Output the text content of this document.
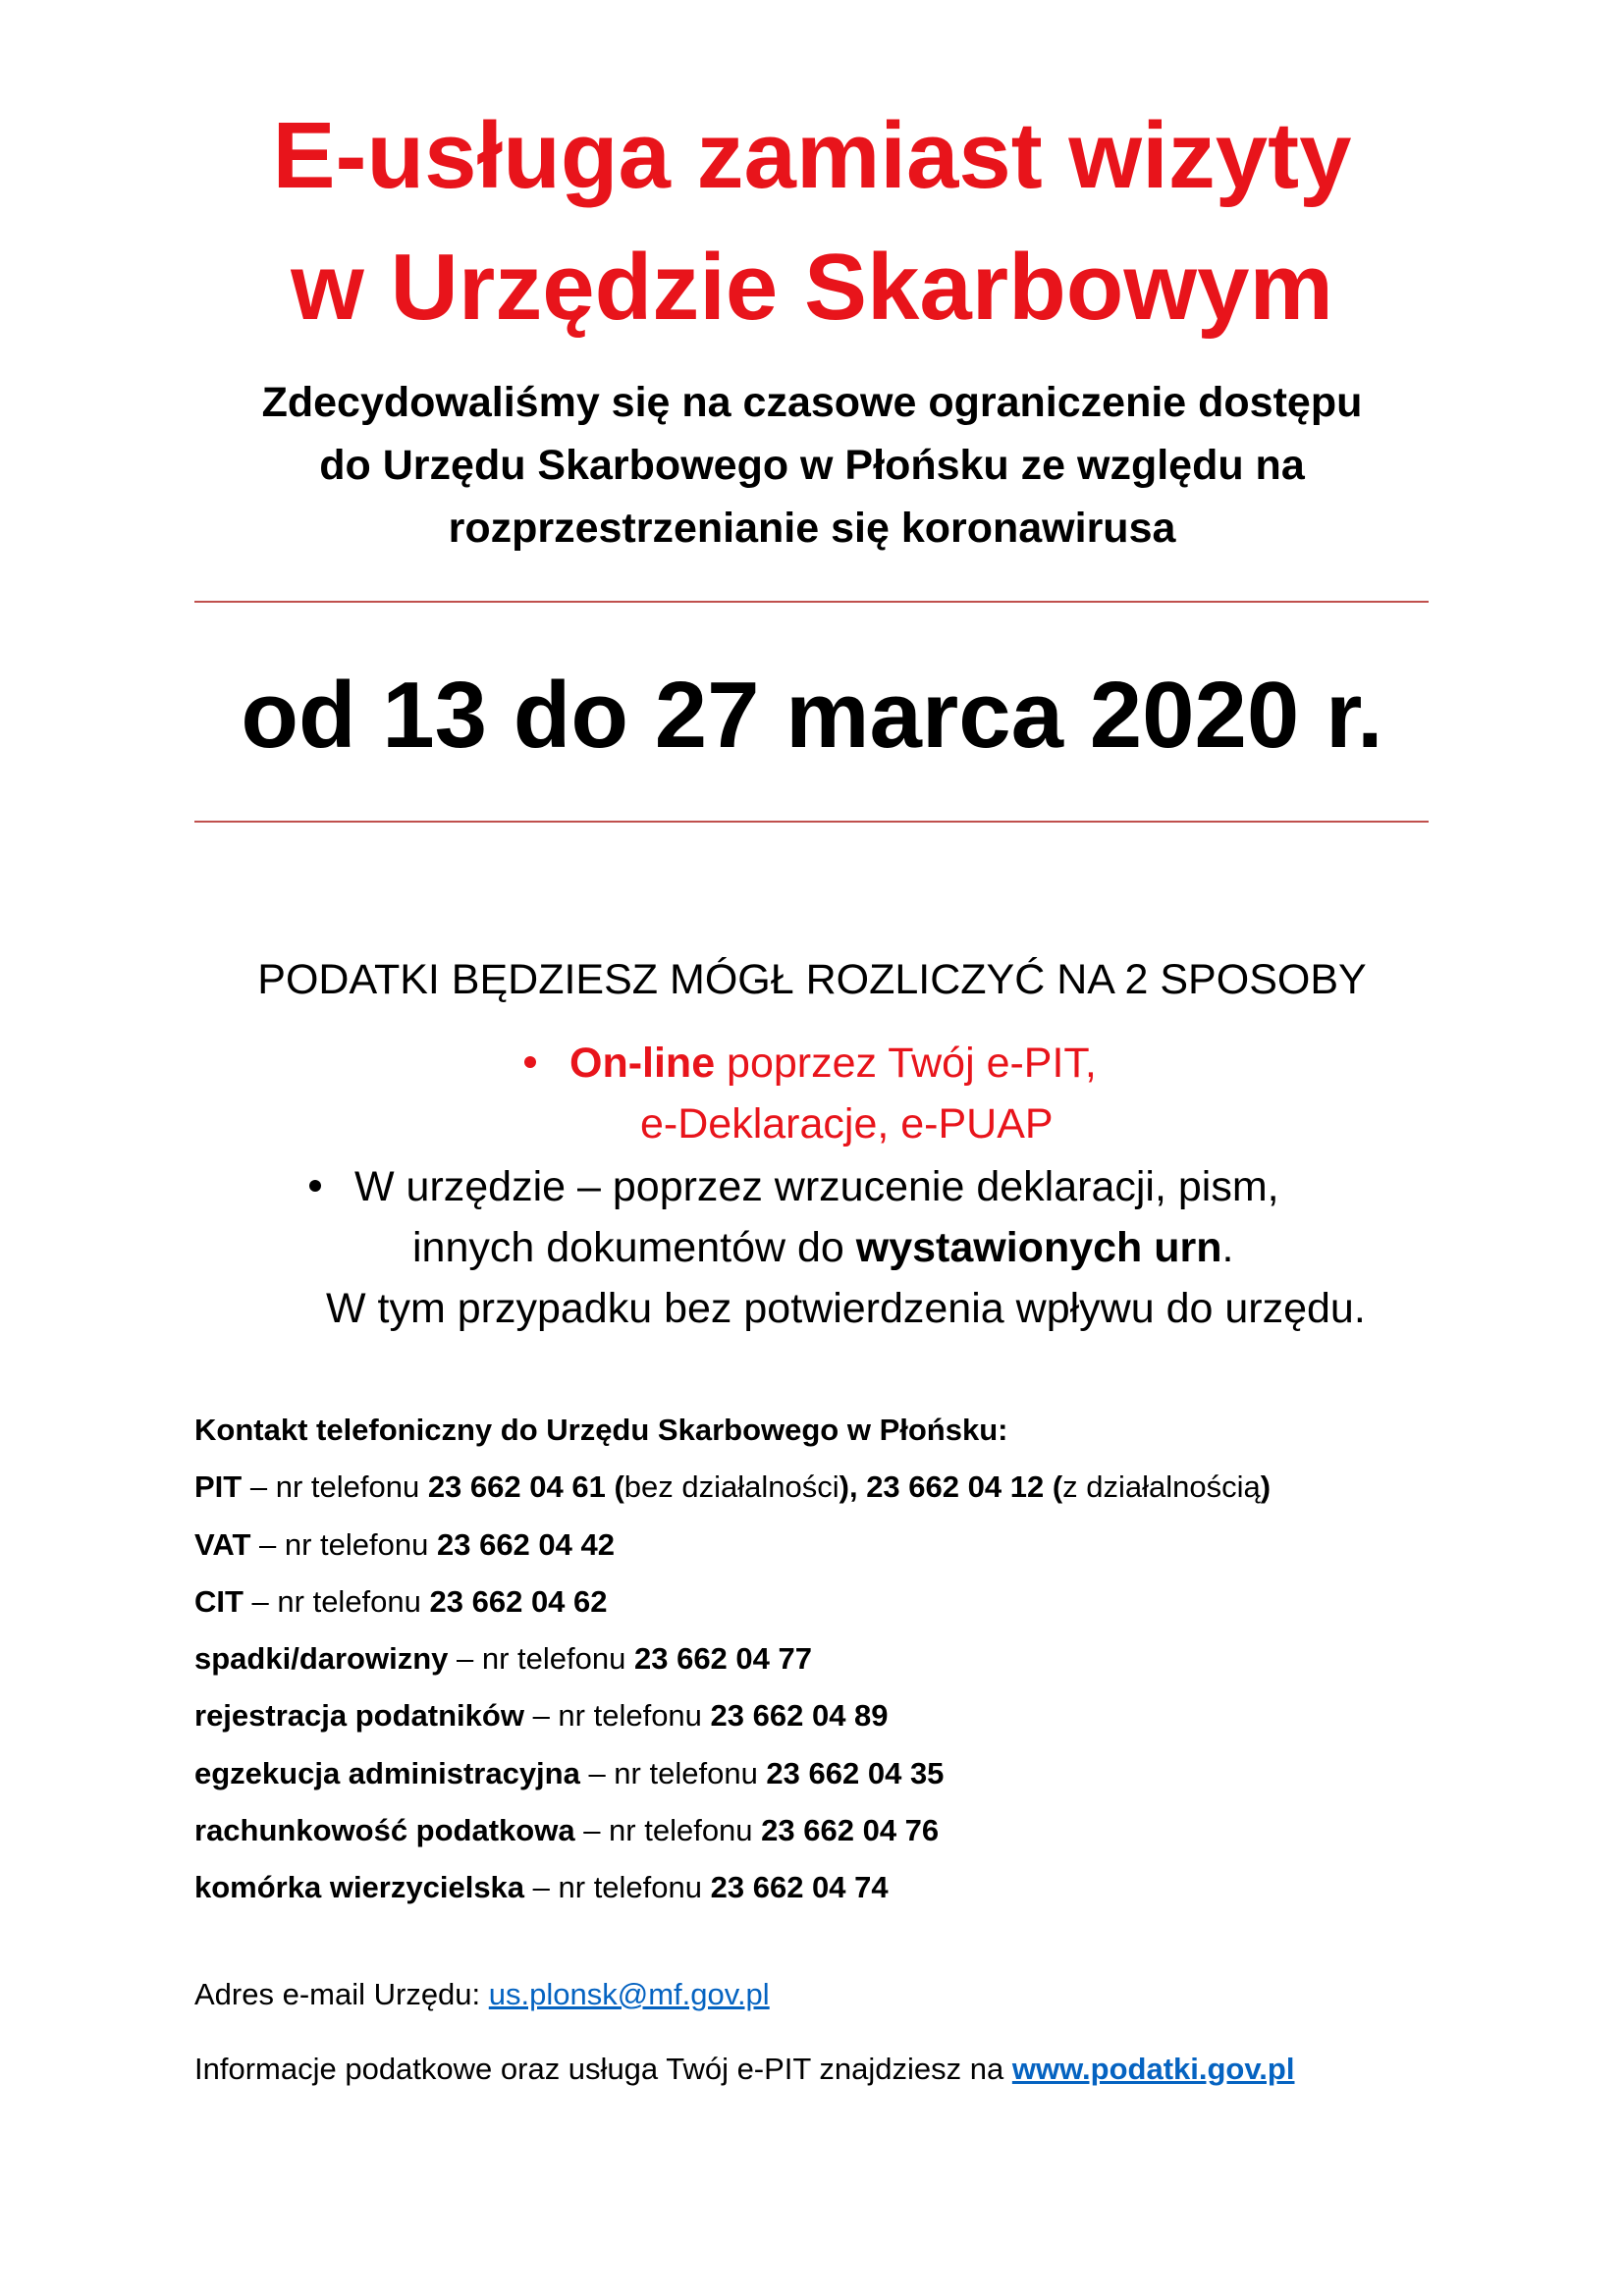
E-usługa zamiast wizyty
w Urzędzie Skarbowym
Zdecydowaliśmy się na czasowe ograniczenie dostępu
do Urzędu Skarbowego w Płońsku ze względu na
rozprzestrzenianie się koronawirusa
od 13 do 27 marca 2020 r.
PODATKI BĘDZIESZ MÓGŁ ROZLICZYĆ NA 2 SPOSOBY
On-line poprzez Twój e-PIT,
e-Deklaracje, e-PUAP
W urzędzie – poprzez wrzucenie deklaracji, pism,
innych dokumentów do wystawionych urn.
W tym przypadku bez potwierdzenia wpływu do urzędu.
Kontakt telefoniczny do Urzędu Skarbowego w Płońsku:
PIT – nr telefonu 23 662 04 61 (bez działalności), 23 662 04 12 (z działalnością)
VAT – nr telefonu 23 662 04 42
CIT – nr telefonu 23 662 04 62
spadki/darowizny – nr telefonu 23 662 04 77
rejestracja podatników – nr telefonu 23 662 04 89
egzekucja administracyjna – nr telefonu 23 662 04 35
rachunkowość podatkowa – nr telefonu 23 662 04 76
komórka wierzycielska – nr telefonu 23 662 04 74
Adres e-mail Urzędu: us.plonsk@mf.gov.pl
Informacje podatkowe oraz usługa Twój e-PIT znajdziesz na www.podatki.gov.pl
